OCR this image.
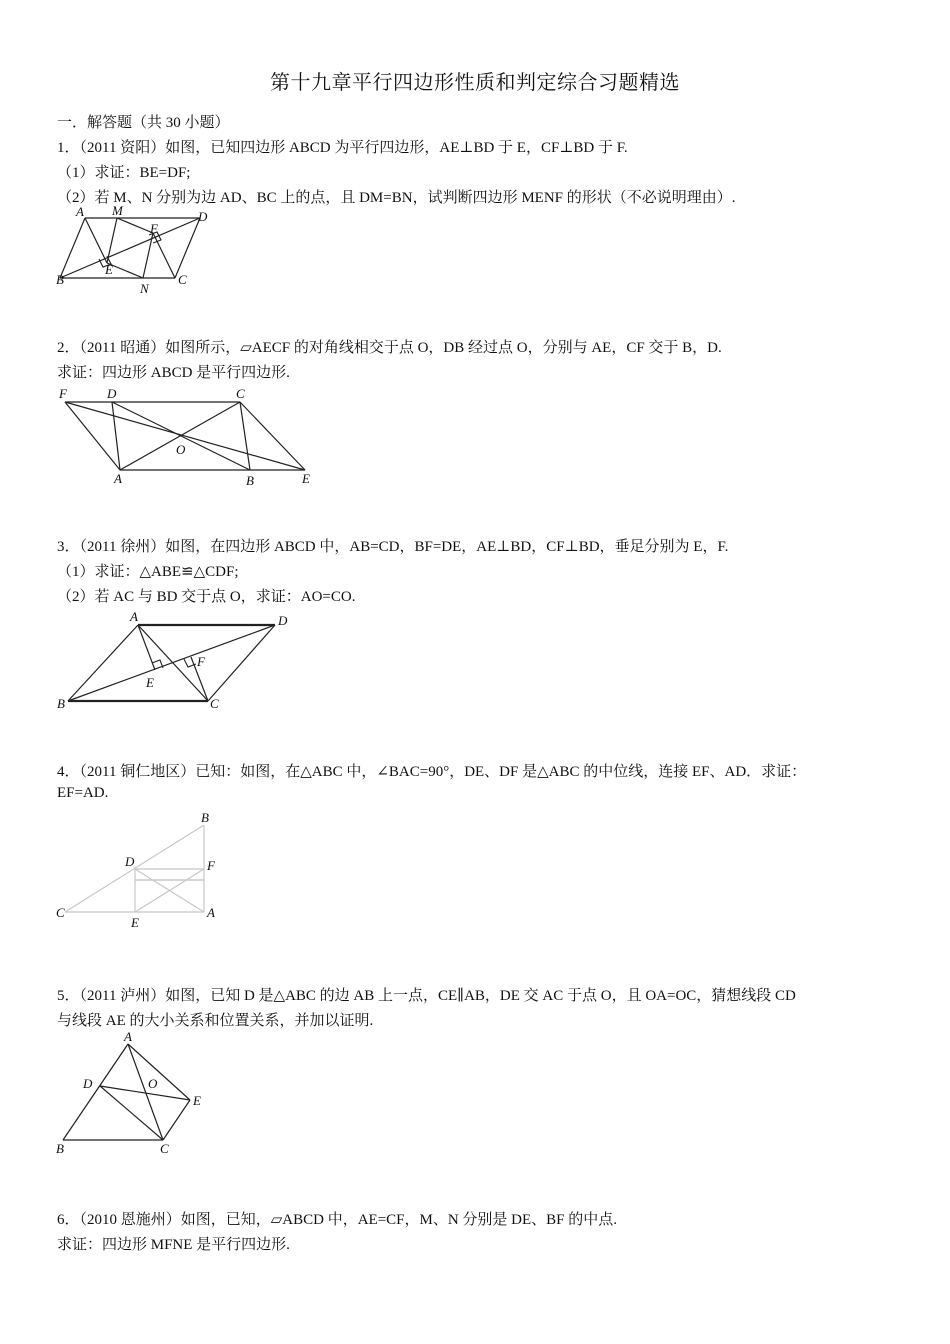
第十九章平行四边形性质和判定综合习题精选
一．解答题（共 30 小题）
1．（2011 资阳）如图，已知四边形 ABCD 为平行四边形，AE⊥BD 于 E，CF⊥BD 于 F.
（1）求证：BE=DF;
（2）若 M、N 分别为边 AD、BC 上的点，且 DM=BN，试判断四边形 MENF 的形状（不必说明理由）.
A M	D
F
E
B
N
C
2．（2011 昭通）如图所示，▱AECF 的对角线相交于点 O，DB 经过点 O，分别与 AE，CF 交于 B，D.
求证：四边形 ABCD 是平行四边形.
F	D	C
O
A	B	E
3．（2011 徐州）如图，在四边形 ABCD 中，AB=CD，BF=DE，AE⊥BD，CF⊥BD，垂足分别为 E，F.
（1）求证：△ABE≌△CDF;
（2）若 AC 与 BD 交于点 O，求证：AO=CO.
A	D
F
E
B	C
4．（2011 铜仁地区）已知：如图，在△ABC 中，∠BAC=90°，DE、DF 是△ABC 的中位线，连接 EF、AD．求证：
EF=AD.
B
D	F
C
E
A
5．（2011 泸州）如图，已知 D 是△ABC 的边 AB 上一点，CE∥AB，DE 交 AC 于点 O，且 OA=OC，猜想线段 CD
与线段 AE 的大小关系和位置关系，并加以证明.
A
D	O
E
B	C
6．（2010 恩施州）如图，已知，▱ABCD 中，AE=CF，M、N 分别是 DE、BF 的中点.
求证：四边形 MFNE 是平行四边形.
